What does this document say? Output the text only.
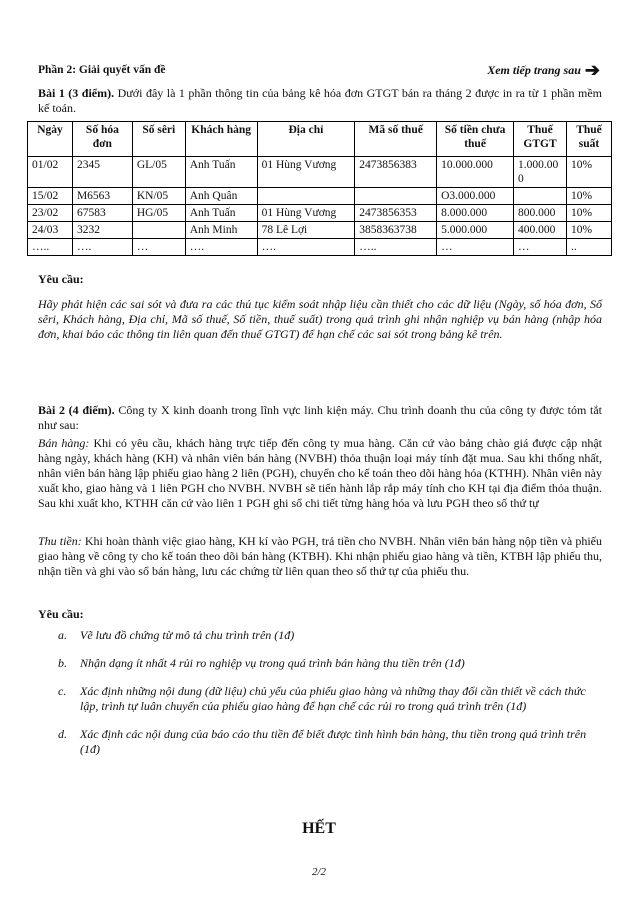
Phần 2: Giải quyết vấn đề	Xem tiếp trang sau ➔
Bài 1 (3 điểm). Dưới đây là 1 phần thông tin của bảng kê hóa đơn GTGT bán ra tháng 2 được in ra từ 1 phần mềm kế toán.
Ngày	Số hóa đơn	Số sêri	Khách hàng	Địa chỉ	Mã số thuế	Số tiền chưa thuế	Thuế GTGT	Thuế suất
01/02	2345	GL/05	Anh Tuấn	01 Hùng Vương	2473856383	10.000.000	1.000.00 0	10%
15/02	M6563	KN/05	Anh Quân			O3.000.000		10%
23/02	67583	HG/05	Anh Tuấn	01 Hùng Vương	2473856353	8.000.000	800.000	10%
24/03	3232		Anh Minh	78 Lê Lợi	3858363738	5.000.000	400.000	10%
…..	….	…	….	….	…..	…	…	..
Yêu cầu:
Hãy phát hiện các sai sót và đưa ra các thủ tục kiểm soát nhập liệu cần thiết cho các dữ liệu (Ngày, số hóa đơn, Số sêri, Khách hàng, Địa chỉ, Mã số thuế, Số tiền, thuế suất) trong quá trình ghi nhận nghiệp vụ bán hàng (nhập hóa đơn, khai báo các thông tin liên quan đến thuế GTGT) để hạn chế các sai sót trong bảng kê trên.
Bài 2 (4 điểm). Công ty X kinh doanh trong lĩnh vực linh kiện máy. Chu trình doanh thu của công ty được tóm tắt như sau:
Bán hàng: Khi có yêu cầu, khách hàng trực tiếp đến công ty mua hàng. Căn cứ vào bảng chào giá được cập nhật hàng ngày, khách hàng (KH) và nhân viên bán hàng (NVBH) thỏa thuận loại máy tính đặt mua. Sau khi thống nhất, nhân viên bán hàng lập phiếu giao hàng 2 liên (PGH), chuyển cho kế toán theo dõi hàng hóa (KTHH). Nhân viên này xuất kho, giao hàng và 1 liên PGH cho NVBH. NVBH sẽ tiến hành lắp rắp máy tính cho KH tại địa điểm thỏa thuận. Sau khi xuất kho, KTHH căn cứ vào liên 1 PGH ghi sổ chi tiết từng hàng hóa và lưu PGH theo số thứ tự
Thu tiền: Khi hoàn thành việc giao hàng, KH kí vào PGH, trả tiền cho NVBH. Nhân viên bán hàng nộp tiền và phiếu giao hàng về công ty cho kế toán theo dõi bán hàng (KTBH). Khi nhận phiếu giao hàng và tiền, KTBH lập phiếu thu, nhận tiền và ghi vào sổ bán hàng, lưu các chứng từ liên quan theo số thứ tự của phiếu thu.
Yêu cầu:
a. Vẽ lưu đồ chứng từ mô tả chu trình trên (1đ)
b. Nhận dạng ít nhất 4 rủi ro nghiệp vụ trong quá trình bán hàng thu tiền trên (1đ)
c. Xác định những nội dung (dữ liệu) chủ yếu của phiếu giao hàng và những thay đổi cần thiết về cách thức lập, trình tự luân chuyển của phiếu giao hàng để hạn chế các rủi ro trong quá trình trên (1đ)
d. Xác định các nội dung của báo cáo thu tiền để biết được tình hình bán hàng, thu tiền trong quá trình trên (1đ)
HẾT
2/2
